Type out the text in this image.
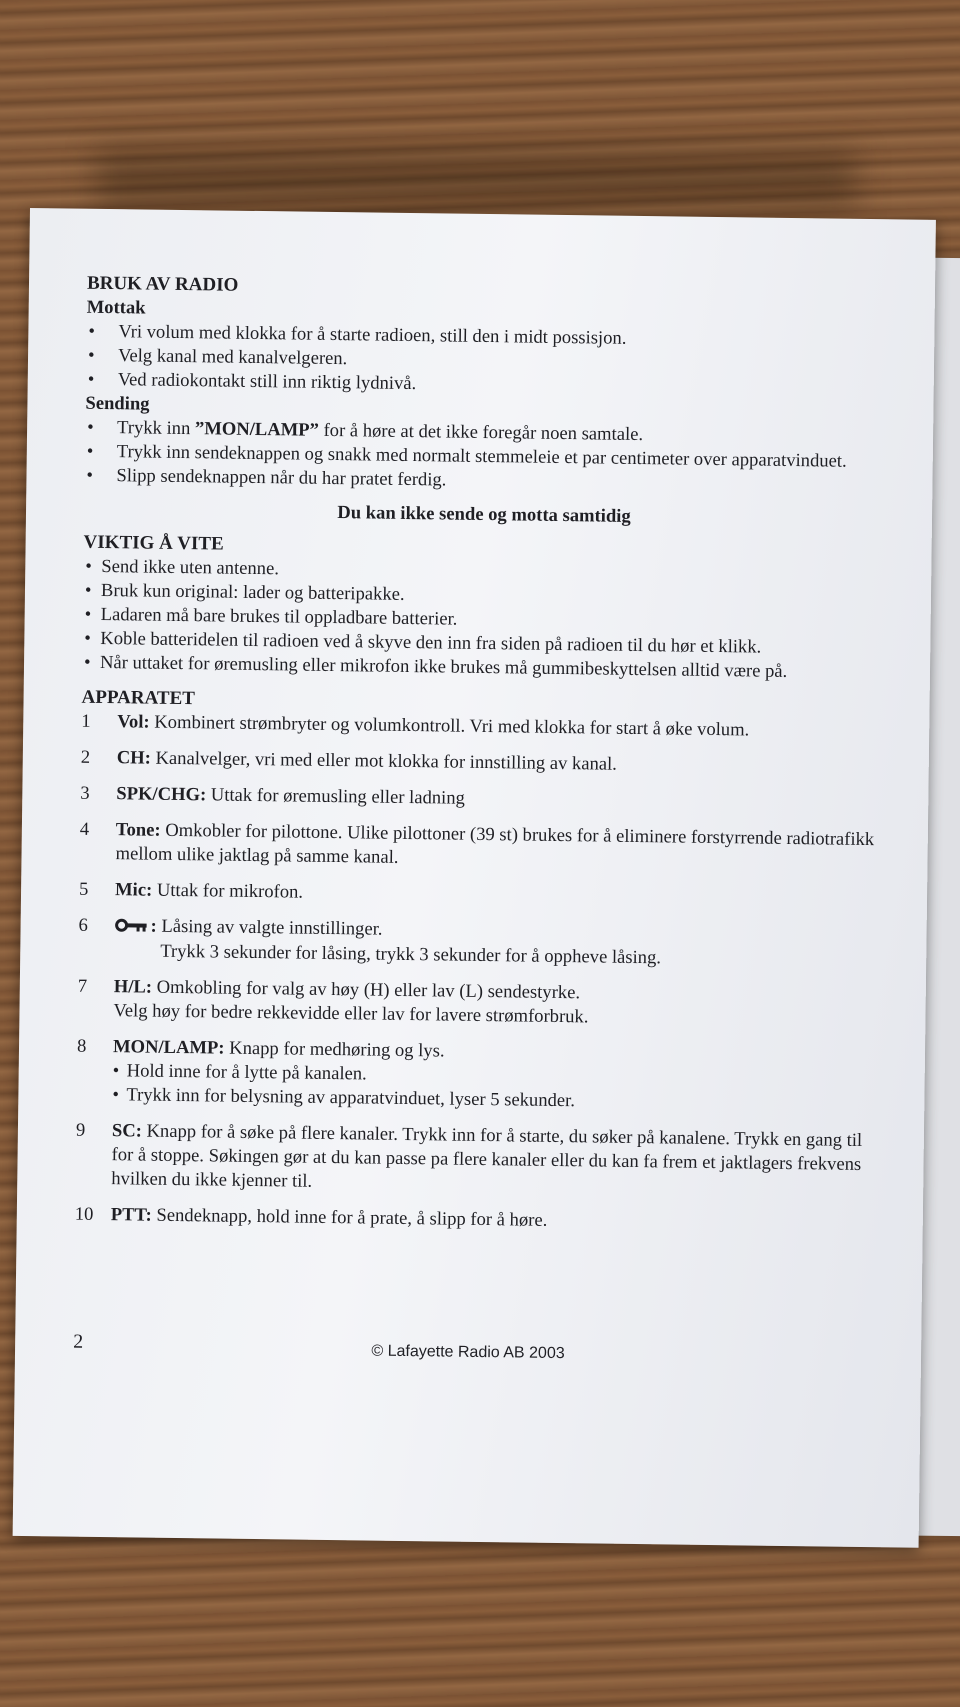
BRUK AV RADIO
Mottak
• Vri volum med klokka for å starte radioen, still den i midt possisjon.
• Velg kanal med kanalvelgeren.
• Ved radiokontakt still inn riktig lydnivå.
Sending
• Trykk inn ”MON/LAMP” for å høre at det ikke foregår noen samtale.
• Trykk inn sendeknappen og snakk med normalt stemmeleie et par centimeter over apparatvinduet.
• Slipp sendeknappen når du har pratet ferdig.
Du kan ikke sende og motta samtidig
VIKTIG Å VITE
• Send ikke uten antenne.
• Bruk kun original: lader og batteripakke.
• Ladaren må bare brukes til oppladbare batterier.
• Koble batteridelen til radioen ved å skyve den inn fra siden på radioen til du hør et klikk.
• Når uttaket for øremusling eller mikrofon ikke brukes må gummibeskyttelsen alltid være på.
APPARATET
1 Vol: Kombinert strømbryter og volumkontroll. Vri med klokka for start å øke volum.
2 CH: Kanalvelger, vri med eller mot klokka for innstilling av kanal.
3 SPK/CHG: Uttak for øremusling eller ladning
4 Tone: Omkobler for pilottone. Ulike pilottoner (39 st) brukes for å eliminere forstyrrende radiotrafikk mellom ulike jaktlag på samme kanal.
5 Mic: Uttak for mikrofon.
6	: Låsing av valgte innstillinger.
Trykk 3 sekunder for låsing, trykk 3 sekunder for å oppheve låsing.
7 H/L: Omkobling for valg av høy (H) eller lav (L) sendestyrke.
Velg høy for bedre rekkevidde eller lav for lavere strømforbruk.
8 MON/LAMP: Knapp for medhøring og lys.
• Hold inne for å lytte på kanalen.
• Trykk inn for belysning av apparatvinduet, lyser 5 sekunder.
9 SC: Knapp for å søke på flere kanaler. Trykk inn for å starte, du søker på kanalene. Trykk en gang til for å stoppe. Søkingen gør at du kan passe pa flere kanaler eller du kan fa frem et jaktlagers frekvens hvilken du ikke kjenner til.
10 PTT: Sendeknapp, hold inne for å prate, å slipp for å høre.
2	© Lafayette Radio AB 2003
